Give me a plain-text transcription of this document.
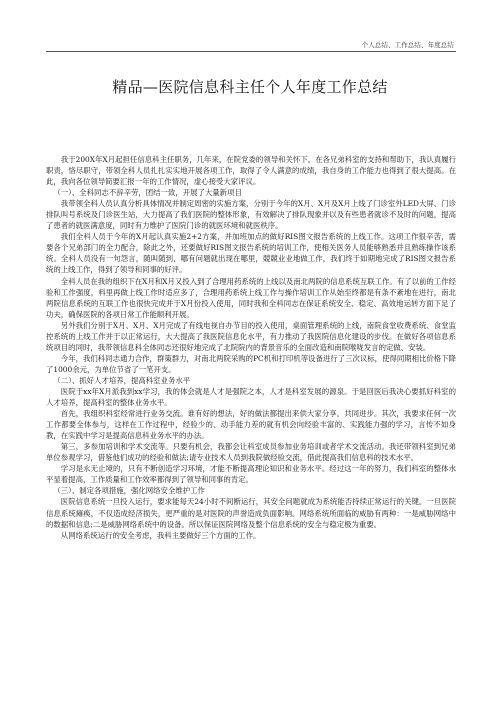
个人总结、工作总结、年度总结
精品—医院信息科主任个人年度工作总结

我于200X年X月起担任信息科主任职务，几年来，在院党委的领导和关怀下，在各兄弟科室的支持和帮助下，我认真履行职责，恪尽职守，带领全科人员扎扎实实地开展各项工作，取得了令人满意的成绩，我自身的工作能力也得到了很大提高。在此，我向各位领导简要汇报一年的工作情况，虚心接受大家评议。

（一）、全科同志不辞辛劳，团结一致，开展了大量新项目

我带领全科人员认真分析具体情况并制定周密的实施方案，分别于今年的X月、X月及X月上线了门诊室外LED大屏、门诊排队叫号系统及门诊医生站，大力提高了我们医院的整体形象，有效解决了排队现象并以及有些患者就诊不及时的问题，提高了患者的就医满意度，同时有力维护了医院门诊的就医环境和就医秩序。

我们全科人员于今年的X月起认真实施2+2方案，并加班加点的做好RIS图文报告系统的上线工作。这项工作很辛苦，需要各个兄弟部门的全力配合，除此之外，还要做好RIS图文报告系统的培训工作，使相关医务人员能够熟悉并且熟练操作该系统。全科人员没有一句怨言，随叫随到，哪有问题就出现在哪里，競競业业地做工作，我们终于如期地完成了RIS图文报告系统的上线工作，得到了领导和同事的好评。

全科人员在我的组织下在X月和X月又投入到了合理用药系统的上线以及南北两院的信息系统互联工作。有了以前的工作经验和工作强度，料里再做上线工作时适应多了，合理用药系统上线工作与操作培训工作从始至终都是有条不紊地在进行，南北两院信息系统的互联工作也很快完成并于X月份投入使用，同时我和全科同志在保证系统安全、稳定、高效地运转方面下足了功夫，确保医院的各项日常工作能顺利开展。

另外我们分别于X月、X月、X月完成了有线电视自办节目的投入使用，桌面管理系统的上线，南院食堂收费系统、食堂监控系统的上线工作并于以正常运行，大大提高了我医院信息化水平，有力推动了我医院信息化建设的步伐。在做好各项信息系统项目的同时，我带领信息科全体同志还很好地完成了北院院内的背景音乐的全面改造和南院喉咙发言的定做、安装。

今年，我们科同志通力合作，群策群力，对南北两院采购的PC机和打印机等设备进行了三次议标，使得同期相比价格下降了1000余元，为单位节省了一笔开支。

（二）、抓好人才培养，提高科室业务水平

医院于xx年X月派我到xx学习，我的体会就是人才是强院之本，人才是科室发展的源泉。于是回医后我决心要抓好科室的人才培养，提高科室的整体业务水平。

首先，我组织科室经常进行业务交流。谁有好的想法，好的做法都提出来供大家分享，共同进步。其次，我要求任何一次工作都要全体参与，这样在工作过程中，经验少的、动手能力差的就有机会向经验丰富的、实践能力强的学习，言传不如身教，在实践中学习是提高信息科业务水平的办法。

第三，多参加培训和学术交流等。只要有机会，我都会让科室成员参加业务培训或者学术交流活动。我还带领科室到兄弟单位参观学习，借鉴他们成功的经验和做法;请专业技术人员到我院做经验交流，借此提高我们信息科的技术水平。

学习是永无止境的，只有不断创造学习环境，才能不断提高理论知识和业务水平。经过这一年的努力，我们科室的整体水平显着提高，工作质量和工作效率都得到了领导和同事的肯定。

（三）、制定各项措施，强化网络安全维护工作

医院信息系统一旦投入运行，要求能每天24小时不间断运行，其安全问题就成为系统能否持续正常运行的关键。一旦医院信息系统瘫痪，不仅造成经济损失，更严重的是对医院的声誉造成负面影响。网络系统所面临的威胁有两种：一是威胁网络中的数据和信息;二是威胁网络系统中的设备。所以保证医院网络及整个信息系统的安全与稳定极为重要。

从网络系统运行的安全考虑，我科主要做好三个方面的工作。
